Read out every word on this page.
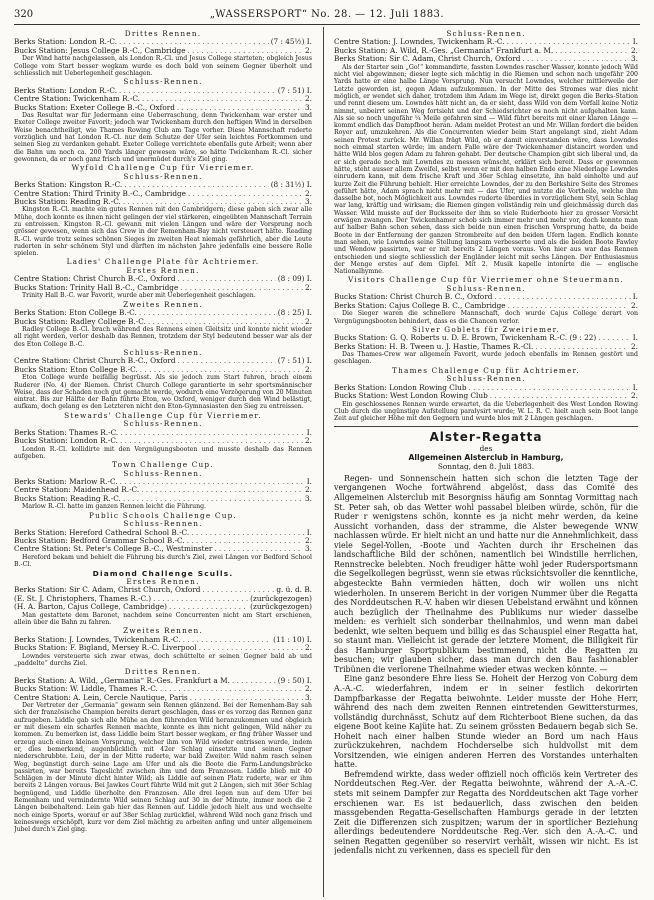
320	„WASSERSPORT“ No. 28. — 12. Juli 1883.
Drittes Rennen.
Berks Station: London R.-C. . . .	(7 : 45½) I.
Bucks Station: Jesus College B.-C., Cambridge . . .	2.

Der Wind hatte nachgelassen, als London R.-Cl. und Jesus College starteten; obgleich Jesus College vom Start besser wegkam wurde es doch bald von seinem Gegner überholt und schliesslich mit Ueberlegenheit geschlagen.

Schluss-Rennen.
Berks Station: London R.-C. . . .	(7 : 51) I.
Centre Station: Twickenham R.-C. . . .	2.
Bucks Station: Exeter College B.-C., Oxford . . .	3.

Das Resultat war für Jedermann eine Ueberraschung, denn Twickenham war erster und Exeter College zweiter Favorit; jedoch war Twickenham durch den heftigen Wind in derselben Weise benachtheiligt, wie Thames Rowing Club am Tage vorher. Diese Mannschaft ruderte vorzüglich und hat London R.-Cl. nur dem Schutze der Ufer sein leichtes Fortkommen und seinen Sieg zu verdanken gehabt. Exeter College verrichtete ebenfalls gute Arbeit; wenn aber die Bahn um noch ca. 200 Yards länger gewesen wäre, so hätte Twickenham R.-Cl. sicher gewonnen, da er noch ganz frisch und unermüdet durch's Ziel ging.

Wyfold Challenge Cup für Vierriemer.
Schluss-Rennen.
Berks Station: Kingston R.-C. . . .	(8 : 31½) I.
Centre Station: Third Trinity B.-C., Cambridge . . .	2.
Bucks Station: Reading R.-C. . . .	3.

Kingston R.-Cl. machte ein gutes Rennen mit den Cambridgern; diese gaben sich zwar alle Mühe, doch konnte es ihnen nicht gelingen der viel stärkeren, eingeübten Mannschaft Terrain zu entreissen. Kingston R.-Cl. gewann mit vielen Längen und wäre der Vorsprung noch grösser gewesen, wenn sich das Crew in der Remenham-Bay nicht versteuert hätte. Reading R.-Cl. wurde trotz seines schönen Sieges im zweiten Heat niemals gefährlich, aber die Leute ruderten in sehr schönem Styl und dürften im nächsten Jahre jedenfalls eine bessere Rolle spielen.

Ladies' Challenge Plate für Achtriemer.
Erstes Rennen.
Centre Station: Christ Church B.-C., Oxford . . .	(8 : 09) I.
Bucks Station: Trinity Hall B.-C., Cambridge . . .	2.

Trinity Hall B.-C. war Favorit, wurde aber mit Ueberlegenheit geschlagen.

Zweites Rennen.
Berks Station: Eton College B.-C. . . .	(8 : 25) I.
Bucks Station: Radley College B.-C. . . .	2.

Radley College B.-Cl. brach während des Rennens einen Gleitsitz und konnte nicht wieder all right werden, verlor deshalb das Rennen, trotzdem der Styl bedeutend besser war als der des Eton College B.-C.

Schluss-Rennen.
Centre Station: Christ Church B.-C., Oxford . . .	(7 : 51) I.
Bucks Station: Eton College B.-C. . . .	2.

Eton College wurde beifällig begrüsst. Als sie jedoch zum Start fuhren, brach einem Ruderer (No. 4) der Riemen. Christ Church College garantierte in sehr sportsmännischer Weise, dass der Schaden noch gut gemacht werde, wodurch eine Verzögerung von 20 Minuten eintrat. Bis zur Hälfte der Bahn führte Eton, wo Oxford, weniger durch den Wind belästigt, aufkam, doch gelang es den Letzteren nicht den Eton-Gymnasiasten den Sieg zu entreissen.

Stewards' Challenge Cup für Vierriemer.
Schluss-Rennen.
Berks Station: Thames R.-C. . . .	I.
Bucks Station: London R.-C. . . .	2.

London R.-Cl. kollidirte mit den Vergnügungsbooten und musste deshalb das Rennen aufgeben.

Town Challenge Cup.
Schluss-Rennen.
Berks Station: Marlow R.-C. . . .	I.
Centre Station: Maidenhead R.-C. . . .	2.
Bucks Station: Reading R.-C. . . .	3.

Marlow R.-Cl. hatte im ganzen Rennen leicht die Führung.

Public Schools Challenge Cup.
Schluss-Rennen.
Berks Station: Hereford Cathedral School B.-C. . . .	I.
Bucks Station: Bedford Grammar School B.-C. . . .	2.
Centre Station: St. Peter's College B.-C., Westminster . . .	3.

Hereford bekam und behielt die Führung bis durch's Ziel, zwei Längen vor Bedford School B.-Cl.

Diamond Challenge Sculls.
Erstes Rennen.
Berks Station: Sir C. Adam, Christ Church, Oxford . . .	g. ü. d. B.
(E. St. J. Christophers, Thames R.-C.) . . .	(zurückgezogen)
(H. A. Barton, Cajus College, Cambridge) . . .	(zurückgezogen)

Man gestattete dem Baronet, nachdem seine Concurrenten nicht am Start erschienen, allein über die Bahn zu fahren.

Zweites Rennen.
Berks Station: J. Lowndes, Twickenham R.-C. . . .	(11 : 10) I.
Bucks Station: F. Bigland, Mersey R.-C. Liverpool . . .	2.

Lowndes versteuerte sich zwar etwas, doch schüttelte er seinen Gegner bald ab und „paddelte“ durchs Ziel.

Drittes Rennen.
Berks Station: A. Wild, „Germania“ R.-Ges. Frankfurt a M. . . .	(9 : 50) I.
Bucks Station: W. Liddle, Thames R.-C. . . .	2.
Centre Station: A. Lein, Cercle Nautique, Paris . . .	3.

Der Vertreter der „Germania“ gewann sein Rennen glänzend. Bei der Remenham-Bay sah sich der französische Champion bereits derart geschlagen, dass er es vorzog das Rennen ganz aufzugeben. Liddle gab sich alle Mühe an den führenden Wild heranzukommen und obgleich er mit diesem ein scharfes Rennen machte, konnte es ihm nicht gelingen, Wild näher zu kommen. Zu bemerken ist, dass Liddle beim Start besser wegkam, er fing früher Wasser und erzeug auch einen kleinen Vorsprung, welcher ihm von Wild wieder entrissen wurde, indem er, dies bemerkend, augenblicklich mit 42er Schlag einsetzte und seinen Gegner niederschrubbte. Leiu, der in der Mitte ruderte, war bald Zweiter. Wild nahm rasch seinen Weg, begünstigt durch seine Lage am Ufer und als die Boote die Farm-Landungsbrücke passirten, war bereits Tageslicht zwischen ihm und dem Franzosen. Liddle blieb mit 40 Schlägen in der Minute dicht hinter Wild; als Liddle auf seinen Platz ruderte, war er ihm bereits 2 Längen voraus. Bei Jawkes Court führte Wild mit gut 2 Längen, sich mit 36er Schlag begnügend, und Liddle überholte den Franzosen. Alle drei legen nun auf dem Ufer bei Remenham und vermindernte Wild seinen Schlag auf 30 in der Minute, immer noch die 2 Längen beibehaltend. Lein gab hier das Rennen auf. Liddle jedoch hielt aus und wechselte noch einige Sports, worauf er auf 38er Schlag zurückfiel, während Wild noch ganz frisch und keineswegs erschöpft, kurz vor dem Ziel mächtig zu arbeiten anfing und unter allgemeinem Jubel durch's Ziel ging.

Schluss-Rennen.
Centre Station: J. Lowndes, Twickenham R.-C. . . .	I.
Bucks Station: A. Wild, R.-Ges. „Germania“ Frankfurt a. M. . . .	2.
Berks Station: Sir C. Adam, Christ Church, Oxford . . .	3.

Als der Starter sein „Go!“ kommandirte, fassten Lowndes rascher Wasser, konnte jedoch Wild nicht viel abgewinnen; dieser legte sich mächtig in die Riemen und schon nach ungefähr 200 Yards hatte er eine halbe Länge Vorsprung. Nun versucht Lowndes, welcher mittlerweile der Letzte geworden ist, gegen Adam aufzukommen. In der Mitte des Stromes war dies nicht möglich, er wendet sich daher, trotzdem ihm Adam im Wege ist, direkt gegen die Berks-Station und rennt diesem um. Lowndes hätt nicht an, da er sieht, dass Wild von dem Vorfall keine Notiz nimmt, unbeirrt seinen Weg fortsieht und der Schiedsrichter es noch nicht aufgehalten kann. Als sie so noch ungefähr ¼ Meile gefahren sind — Wild führt bereits mit einer klaren Länge — kommt endlich das Dampfboot heran. Adam meldet Protest an und Mr. Willan fordert die beiden Royer auf, umzukehren. Als die Concurrenten wieder beim Start angelangt sind, zieht Adam seinen Protest zurück. Mr. Willan frägt Wild, ob er damit einverstanden wäre, dass Lowndes noch einmal starten würde; im andern Falle wäre der Twickenhamer distancirt worden und hätte Wild blos gegen Adam zu fahren gehabt. Der deutsche Champion gibt sich liberal und, da er sich gerade noch mit Lowndes zu messen wünscht, erklärt sich bereit. Dass er gewonnen hätte, steht ausser allem Zweifel, selbst wenn er mit den halben Ende eine Niederlage Lowndes einrudern kann, mit dem frische Kraft und 36er Schlag einsetzte, ihn bald einholte und auf kurze Zeit die Führung behielt. Hier erreichte Lowndes, der zu den Berkshire Seite des Stromes geführt hätte, Adam sprach nicht mehr mit — das Ufer, und nutzte die Vortheile, welche ihm dasselbe bot, noch Möglichkeit aus. Lowndes ruderte überdies in vorzüglichem Styl, sein Schlag war lang, kräftig und wirksam; die Riemen gingen vollständig rein und gleichmässig durch das Wasser. Wild musste auf der Bucksseite der ihm so viele Ruderboote hier zu grosser Vorsicht erwägen zwangen. Der Twickenhamer schob sich immer mehr und mehr vor, doch konnte man auf halber Bahn schon sehen, dass sich beide nun einen frischen Vorsprung hatte, da beide Boote in der Entfernung der ganzen Strombreite auf den beiden Ufern lagen. Endlich konnte man sehen, wie Lowndes seine Stellung langsam verbesserte und als die beiden Boote Fawley und Wendow passirten, war er mit bereits 2 Längen voraus. Von hier aus war das Rennen entschieden und siegte schliesslich der Engländer leicht mit sechs Längen. Der Enthusiasmus der Menge erstes auf dem Gipfel. Mit 2. Musik kapelle intonirte die — englische Nationalhymne.

Visitors Challenge Cup für Vierriemer ohne Steuermann.
Schluss-Rennen.
Bucks Station: Christ Church B. C., Oxford . . .	I.
Berks Station: Cajus College B. C., Cambridge . . .	2.

Die Sieger waren die schnellere Mannschaft, doch wurde Cajus College derart von Vergnügungsbooten behindert, dass es die Chancen verlor.

Silver Goblets für Zweiriemer.
Bucks Station: G. Q. Roberts u. D. E. Brown, Twickenham R.-C. (9 : 22) . . .	I.
Berks Station: H. B. Tween u. J. Hastie, Thames R.-Cl. . . .	2.

Das Thames-Crew war allgemein Favorit, wurde jedoch ebenfalls im Rennen gestört und geschlagen.

Thames Challenge Cup für Achtriemer.
Schluss-Rennen.
Berks Station: London Rowing Club . . .	I.
Bucks Station: West London Rowing Club . . .	2.

Ein geschlossenes Rennen wurde erwartet, da die Ueberlegenheit des West London Rowing Club durch die ungünstige Aufstellung paralysirt wurde; W. L. R. C. hielt auch sein Boot lange Zeit auf gleicher Höhe mit den Gegnern und wurde blos mit 2 Längen geschlagen.

Alster-Regatta
des
Allgemeinen Alsterclub in Hamburg,
Sonntag, den 8. Juli 1883.

Regen- und Sonnenschein hatten sich schon die letzten Tage der vergangenen Woche fortwährend abgelöst, dass das Comité des Allgemeinen Alsterclub mit Besorgniss häufig am Sonntag Vormittag nach St. Peter sah, ob das Wetter wohl passabel bleiben würde, schön, für die Ruder r wenigstens schön, konnte es ja nicht mehr werden, da keine Aussicht vorhanden, dass der stramme, die Alster bewegende WNW nachlassen würde. Er hielt nicht an und hatte nur die Annehmlichkeit, dass viele Segel-Yollen, -Boote und -Yachten durch ihr Erscheinen das landschaftliche Bild der schönen, namentlich bei Windstille herrlichen, Rennstrecke belebten. Noch freudiger hätte wohl jeder Rudersportsmann die Segelkollegen begrüsst, wenn sie etwas rücksichtsvoller die kenntliche, abgesteckte Bahn vermieden hätten, doch wir wollen uns nicht wiederholen. In unserem Bericht in der vorigen Nummer über die Regatta des Norddeutschen R.-V. haben wir diesen Uebelstand erwähnt und können auch bezüglich der Theilnahme des Publikums nur wieder dasselbe melden: es verhielt sich sonderbar theilnahmlos, und wenn man dabei bedenkt, wie selten bequem und billig es das Schauspiel einer Regatta hat, so staunt man. Vielleicht ist gerade der letztere Moment, die Billigkeit für das Hamburger Sportpublikum bestimmend, nicht die Regatten zu besuchen; wir glauben sicher, dass man durch den Bau fashionabler Tribünen die verlorene Theilnahme wieder etwas wecken könnte. —

Eine ganz besondere Ehre liess Se. Hoheit der Herzog von Coburg dem A.-A.-C. wiederfahren, indem er in seiner festlich dekorirten Dampfbarkasse der Regatta beiwohnte. Leider musste der Hohe Herr, während des nach dem zweiten Rennen eintretenden Gewittersturmes, vollständig durchnässt, Schutz auf dem Richterboot Biene suchen, da das eigene Boot keine Kajüte hat. Zu seinem grössten Bedauern begab sich Se. Hoheit nach einer halben Stunde wieder an Bord um nach Haus zurückzukehren, nachdem Hochderselbe sich huldvollst mit dem Vorsitzenden, wie einigen anderen Herren des Vorstandes unterhalten hatte.

Befremdend wirkte, dass weder offiziell noch officiös kein Vertreter des Norddeutschen Reg.-Ver. der Regatta beiwohnte, während der A.-A.-C. stets mit seinem Dampfer zur Regatta des Norddeutschen akt Tage vorher erschienen war. Es ist bedauerlich, dass zwischen den beiden massgebenden Regatta-Gesellschaften Hamburgs gerade in der letzten Zeit die Differenzen sich zuspitzen; warum der in sportlicher Beziehung allerdings bedeutendere Norddeutsche Reg.-Ver. sich den A.-A.-C. und seinen Regatten gegenüber so reservirt verhält, wissen wir nicht. Es ist jedenfalls nicht zu verkennen, dass es speciell für den
